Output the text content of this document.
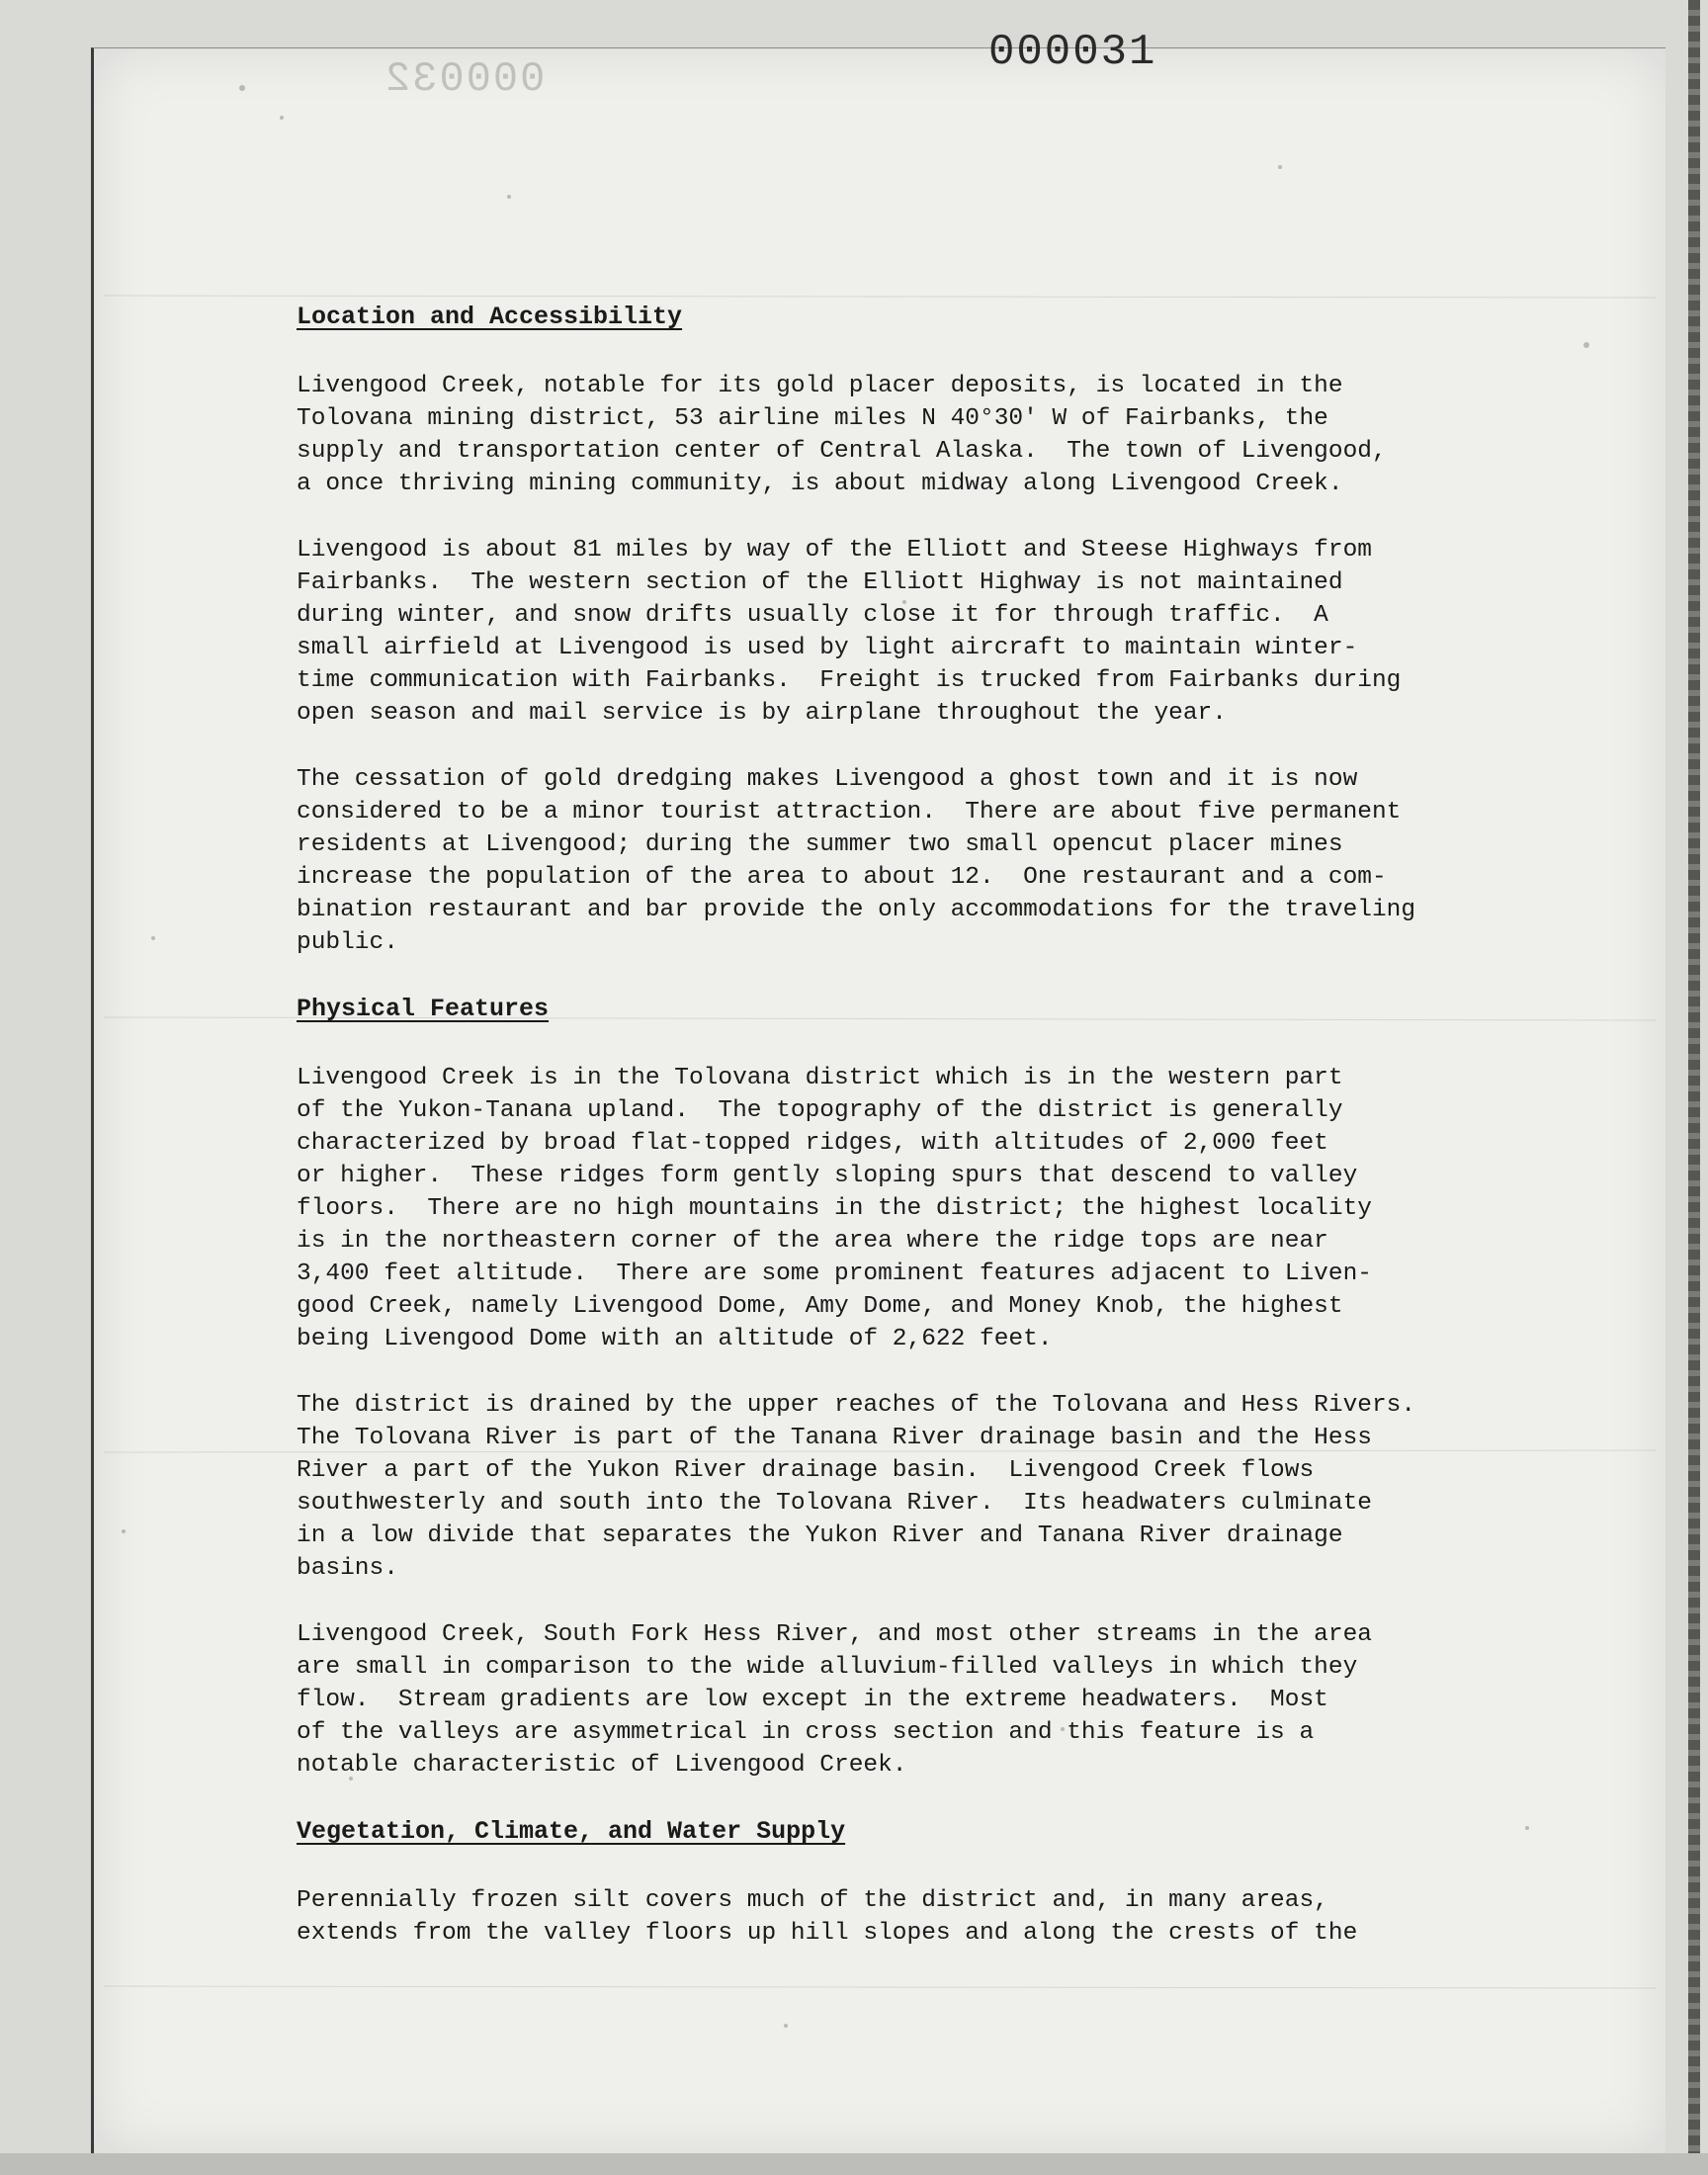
000031
000032
Location and Accessibility

Livengood Creek, notable for its gold placer deposits, is located in the
Tolovana mining district, 53 airline miles N 40°30' W of Fairbanks, the
supply and transportation center of Central Alaska.  The town of Livengood,
a once thriving mining community, is about midway along Livengood Creek.

Livengood is about 81 miles by way of the Elliott and Steese Highways from
Fairbanks.  The western section of the Elliott Highway is not maintained
during winter, and snow drifts usually close it for through traffic.  A
small airfield at Livengood is used by light aircraft to maintain winter-
time communication with Fairbanks.  Freight is trucked from Fairbanks during
open season and mail service is by airplane throughout the year.

The cessation of gold dredging makes Livengood a ghost town and it is now
considered to be a minor tourist attraction.  There are about five permanent
residents at Livengood; during the summer two small opencut placer mines
increase the population of the area to about 12.  One restaurant and a com-
bination restaurant and bar provide the only accommodations for the traveling
public.

Physical Features

Livengood Creek is in the Tolovana district which is in the western part
of the Yukon-Tanana upland.  The topography of the district is generally
characterized by broad flat-topped ridges, with altitudes of 2,000 feet
or higher.  These ridges form gently sloping spurs that descend to valley
floors.  There are no high mountains in the district; the highest locality
is in the northeastern corner of the area where the ridge tops are near
3,400 feet altitude.  There are some prominent features adjacent to Liven-
good Creek, namely Livengood Dome, Amy Dome, and Money Knob, the highest
being Livengood Dome with an altitude of 2,622 feet.

The district is drained by the upper reaches of the Tolovana and Hess Rivers.
The Tolovana River is part of the Tanana River drainage basin and the Hess
River a part of the Yukon River drainage basin.  Livengood Creek flows
southwesterly and south into the Tolovana River.  Its headwaters culminate
in a low divide that separates the Yukon River and Tanana River drainage
basins.

Livengood Creek, South Fork Hess River, and most other streams in the area
are small in comparison to the wide alluvium-filled valleys in which they
flow.  Stream gradients are low except in the extreme headwaters.  Most
of the valleys are asymmetrical in cross section and this feature is a
notable characteristic of Livengood Creek.

Vegetation, Climate, and Water Supply

Perennially frozen silt covers much of the district and, in many areas,
extends from the valley floors up hill slopes and along the crests of the
